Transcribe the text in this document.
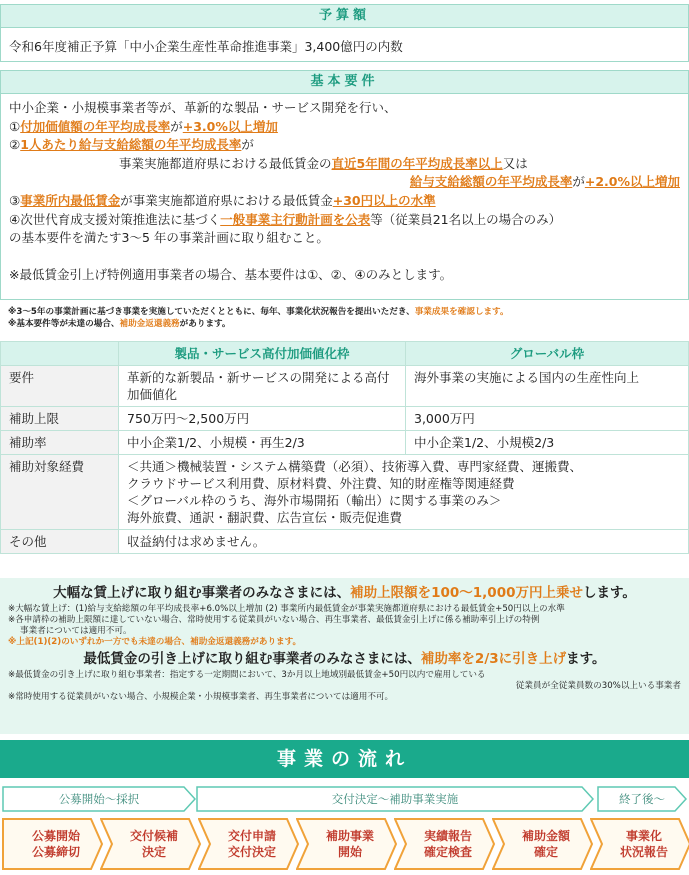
予算額
令和6年度補正予算「中小企業生産性革命推進事業」3,400億円の内数
基本要件
中小企業・小規模事業者等が、革新的な製品・サービス開発を行い、
①付加価値額の年平均成長率が+3.0%以上増加
②1人あたり給与支給総額の年平均成長率が
事業実施都道府県における最低賃金の直近5年間の年平均成長率以上又は
給与支給総額の年平均成長率が+2.0%以上増加
③事業所内最低賃金が事業実施都道府県における最低賃金+30円以上の水準
④次世代育成支援対策推進法に基づく一般事業主行動計画を公表等（従業員21名以上の場合のみ）
の基本要件を満たす3～5 年の事業計画に取り組むこと。
※最低賃金引上げ特例適用事業者の場合、基本要件は①、②、④のみとします。
※3～5年の事業計画に基づき事業を実施していただくとともに、毎年、事業化状況報告を提出いただき、事業成果を確認します。
※基本要件等が未達の場合、補助金返還義務があります。
	製品・サービス高付加価値化枠	グローバル枠
要件	革新的な新製品・新サービスの開発による高付加価値化	海外事業の実施による国内の生産性向上
補助上限	750万円～2,500万円	3,000万円
補助率	中小企業1/2、小規模・再生2/3	中小企業1/2、小規模2/3
補助対象経費	＜共通＞機械装置・システム構築費（必須）、技術導入費、専門家経費、運搬費、
クラウドサービス利用費、原材料費、外注費、知的財産権等関連経費
＜グローバル枠のうち、海外市場開拓（輸出）に関する事業のみ＞
海外旅費、通訳・翻訳費、広告宣伝・販売促進費	

その他	収益納付は求めません。	
大幅な賃上げに取り組む事業者のみなさまには、補助上限額を100～1,000万円上乗せします。
※大幅な賃上げ：(1)給与支給総額の年平均成長率+6.0%以上増加 (2) 事業所内最低賃金が事業実施都道府県における最低賃金+50円以上の水準
※各申請枠の補助上限額に達していない場合、常時使用する従業員がいない場合、再生事業者、最低賃金引上げに係る補助率引上げの特例
事業者については適用不可。
※上記(1)(2)のいずれか一方でも未達の場合、補助金返還義務があります。
最低賃金の引き上げに取り組む事業者のみなさまには、補助率を2/3に引き上げます。
※最低賃金の引き上げに取り組む事業者：指定する一定期間において、3か月以上地域別最低賃金+50円以内で雇用している
従業員が全従業員数の30%以上いる事業者
※常時使用する従業員がいない場合、小規模企業・小規模事業者、再生事業者については適用不可。
事業の流れ
公募開始～採択	交付決定～補助事業実施	終了後～
公募開始
公募締切
交付候補
決定
交付申請
交付決定
補助事業
開始
実績報告
確定検査
補助金額
確定
事業化
状況報告
